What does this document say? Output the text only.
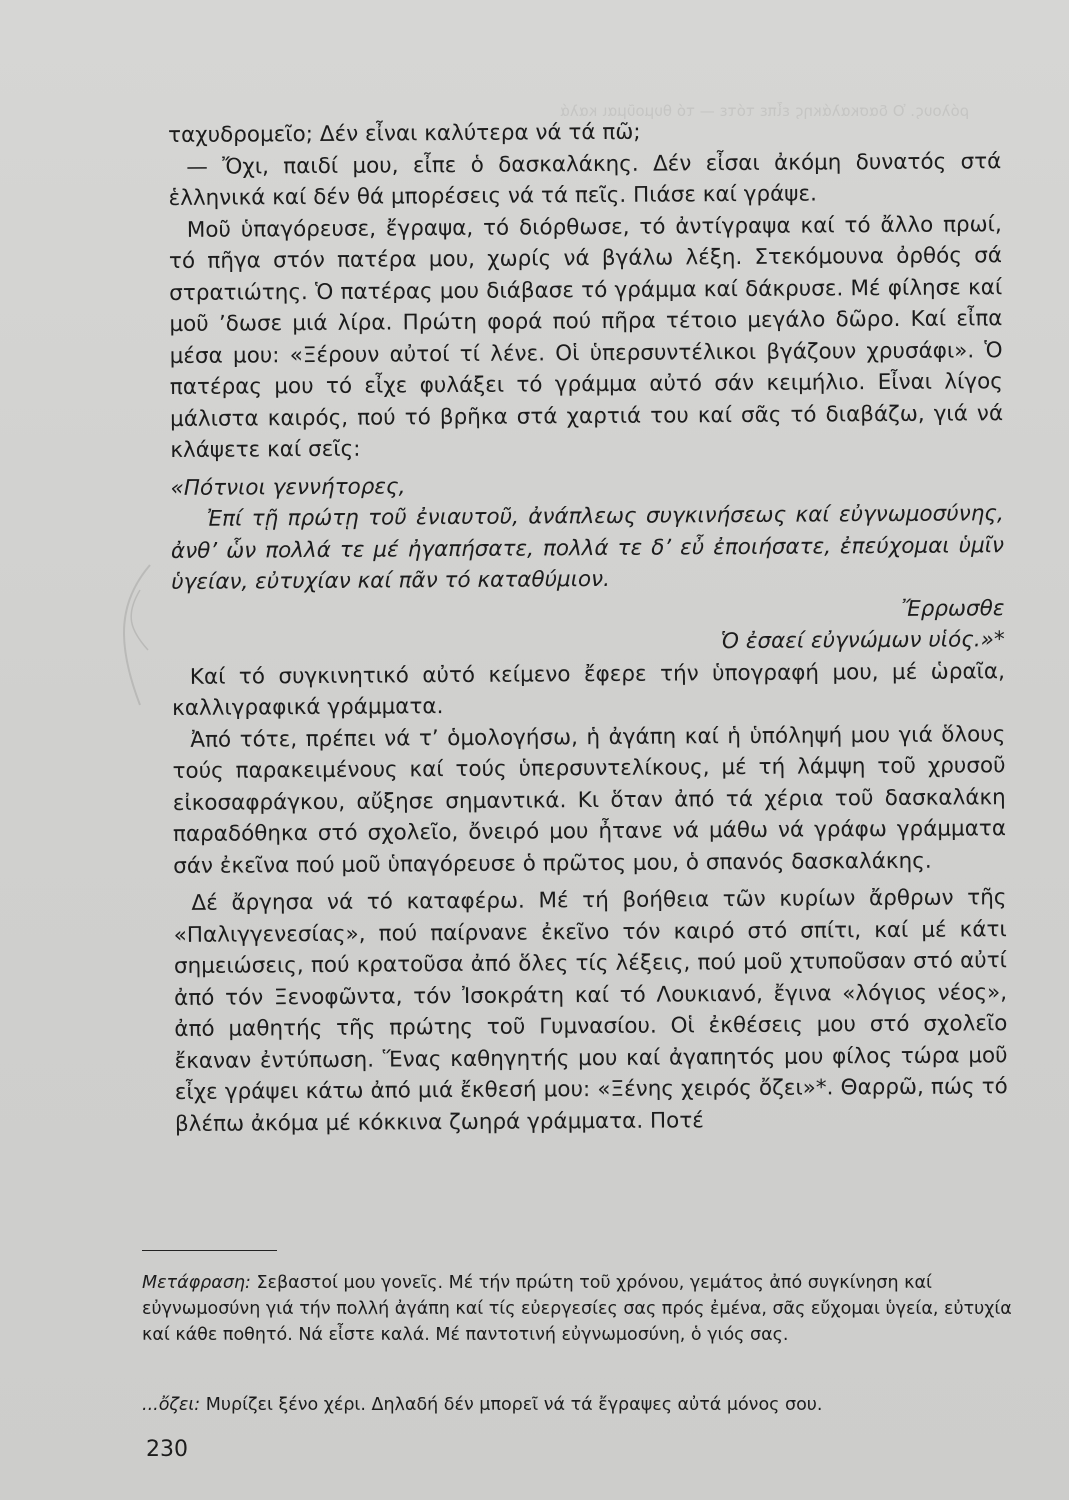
ρόλους. Ὁ δασκαλάκης εἶπε τότε — τό θυμοῦμαι καλά

ταχυδρομεῖο; Δέν εἶναι καλύτερα νά τά πῶ;

— Ὄχι, παιδί μου, εἶπε ὁ δασκαλάκης. Δέν εἶσαι ἀκόμη δυνατός στά ἑλληνικά καί δέν θά μπορέσεις νά τά πεῖς. Πιάσε καί γράψε.

Μοῦ ὑπαγόρευσε, ἔγραψα, τό διόρθωσε, τό ἀντίγραψα καί τό ἄλλο πρωί, τό πῆγα στόν πατέρα μου, χωρίς νά βγάλω λέξη. Στεκόμουνα ὀρθός σά στρατιώτης. Ὁ πατέρας μου διάβασε τό γράμμα καί δάκρυσε. Μέ φίλησε καί μοῦ ’δωσε μιά λίρα. Πρώτη φορά πού πῆρα τέτοιο μεγάλο δῶρο. Καί εἶπα μέσα μου: «Ξέρουν αὐτοί τί λένε. Οἱ ὑπερσυντέλικοι βγάζουν χρυσάφι». Ὁ πατέρας μου τό εἶχε φυλάξει τό γράμμα αὐτό σάν κειμήλιο. Εἶναι λίγος μάλιστα καιρός, πού τό βρῆκα στά χαρτιά του καί σᾶς τό διαβάζω, γιά νά κλάψετε καί σεῖς:

«Πότνιοι γεννήτορες,

Ἐπί τῇ πρώτῃ τοῦ ἐνιαυτοῦ, ἀνάπλεως συγκινήσεως καί εὐγνωμοσύνης, ἀνθ’ ὧν πολλά τε μέ ἠγαπήσατε, πολλά τε δ’ εὖ ἐποιήσατε, ἐπεύχομαι ὑμῖν ὑγείαν, εὐτυχίαν καί πᾶν τό καταθύμιον.

Ἔρρωσθε

Ὁ ἐσαεί εὐγνώμων υἱός.»*

Καί τό συγκινητικό αὐτό κείμενο ἔφερε τήν ὑπογραφή μου, μέ ὡραῖα, καλλιγραφικά γράμματα.

Ἀπό τότε, πρέπει νά τ’ ὁμολογήσω, ἡ ἀγάπη καί ἡ ὑπόληψή μου γιά ὅλους τούς παρακειμένους καί τούς ὑπερσυντελίκους, μέ τή λάμψη τοῦ χρυσοῦ εἰκοσαφράγκου, αὔξησε σημαντικά. Κι ὅταν ἀπό τά χέρια τοῦ δασκαλάκη παραδόθηκα στό σχολεῖο, ὄνειρό μου ἦτανε νά μάθω νά γράφω γράμματα σάν ἐκεῖνα πού μοῦ ὑπαγόρευσε ὁ πρῶτος μου, ὁ σπανός δασκαλάκης.

Δέ ἄργησα νά τό καταφέρω. Μέ τή βοήθεια τῶν κυρίων ἄρθρων τῆς «Παλιγγενεσίας», πού παίρνανε ἐκεῖνο τόν καιρό στό σπίτι, καί μέ κάτι σημειώσεις, πού κρατοῦσα ἀπό ὅλες τίς λέξεις, πού μοῦ χτυποῦσαν στό αὐτί ἀπό τόν Ξενοφῶντα, τόν Ἰσοκράτη καί τό Λουκιανό, ἔγινα «λόγιος νέος», ἀπό μαθητής τῆς πρώτης τοῦ Γυμνασίου. Οἱ ἐκθέσεις μου στό σχολεῖο ἔκαναν ἐντύπωση. Ἕνας καθηγητής μου καί ἀγαπητός μου φίλος τώρα μοῦ εἶχε γράψει κάτω ἀπό μιά ἔκθεσή μου: «Ξένης χειρός ὄζει»*. Θαρρῶ, πώς τό βλέπω ἀκόμα μέ κόκκινα ζωηρά γράμματα. Ποτέ

Μετάφραση: Σεβαστοί μου γονεῖς. Μέ τήν πρώτη τοῦ χρόνου, γεμάτος ἀπό συγκίνηση καί εὐγνωμοσύνη γιά τήν πολλή ἀγάπη καί τίς εὐεργεσίες σας πρός ἐμένα, σᾶς εὔχομαι ὑγεία, εὐτυχία καί κάθε ποθητό. Νά εἶστε καλά. Μέ παντοτινή εὐγνωμοσύνη, ὁ γιός σας.
...ὄζει: Μυρίζει ξένο χέρι. Δηλαδή δέν μπορεῖ νά τά ἔγραψες αὐτά μόνος σου.
230
